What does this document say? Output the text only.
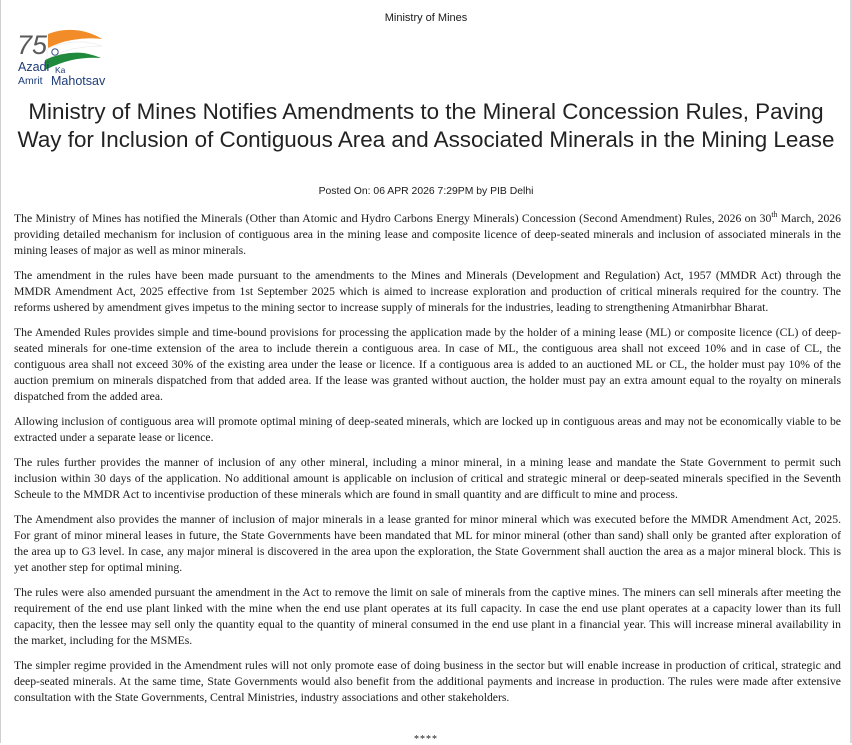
Ministry of Mines
75
Azadi Ka
Amrit Mahotsav
Ministry of Mines Notifies Amendments to the Mineral Concession Rules, Paving Way for Inclusion of Contiguous Area and Associated Minerals in the Mining Lease
Posted On: 06 APR 2026 7:29PM by PIB Delhi

The Ministry of Mines has notified the Minerals (Other than Atomic and Hydro Carbons Energy Minerals) Concession (Second Amendment) Rules, 2026 on 30th March, 2026 providing detailed mechanism for inclusion of contiguous area in the mining lease and composite licence of deep-seated minerals and inclusion of associated minerals in the mining leases of major as well as minor minerals.

The amendment in the rules have been made pursuant to the amendments to the Mines and Minerals (Development and Regulation) Act, 1957 (MMDR Act) through the MMDR Amendment Act, 2025 effective from 1st September 2025 which is aimed to increase exploration and production of critical minerals required for the country. The reforms ushered by amendment gives impetus to the mining sector to increase supply of minerals for the industries, leading to strengthening Atmanirbhar Bharat.

The Amended Rules provides simple and time-bound provisions for processing the application made by the holder of a mining lease (ML) or composite licence (CL) of deep-seated minerals for one-time extension of the area to include therein a contiguous area. In case of ML, the contiguous area shall not exceed 10% and in case of CL, the contiguous area shall not exceed 30% of the existing area under the lease or licence. If a contiguous area is added to an auctioned ML or CL, the holder must pay 10% of the auction premium on minerals dispatched from that added area. If the lease was granted without auction, the holder must pay an extra amount equal to the royalty on minerals dispatched from the added area.

Allowing inclusion of contiguous area will promote optimal mining of deep-seated minerals, which are locked up in contiguous areas and may not be economically viable to be extracted under a separate lease or licence.

The rules further provides the manner of inclusion of any other mineral, including a minor mineral, in a mining lease and mandate the State Government to permit such inclusion within 30 days of the application. No additional amount is applicable on inclusion of critical and strategic mineral or deep-seated minerals specified in the Seventh Scheule to the MMDR Act to incentivise production of these minerals which are found in small quantity and are difficult to mine and process.

The Amendment also provides the manner of inclusion of major minerals in a lease granted for minor mineral which was executed before the MMDR Amendment Act, 2025. For grant of minor mineral leases in future, the State Governments have been mandated that ML for minor mineral (other than sand) shall only be granted after exploration of the area up to G3 level. In case, any major mineral is discovered in the area upon the exploration, the State Government shall auction the area as a major mineral block. This is yet another step for optimal mining.

The rules were also amended pursuant the amendment in the Act to remove the limit on sale of minerals from the captive mines. The miners can sell minerals after meeting the requirement of the end use plant linked with the mine when the end use plant operates at its full capacity. In case the end use plant operates at a capacity lower than its full capacity, then the lessee may sell only the quantity equal to the quantity of mineral consumed in the end use plant in a financial year. This will increase mineral availability in the market, including for the MSMEs.

The simpler regime provided in the Amendment rules will not only promote ease of doing business in the sector but will enable increase in production of critical, strategic and deep-seated minerals. At the same time, State Governments would also benefit from the additional payments and increase in production. The rules were made after extensive consultation with the State Governments, Central Ministries, industry associations and other stakeholders.

****
